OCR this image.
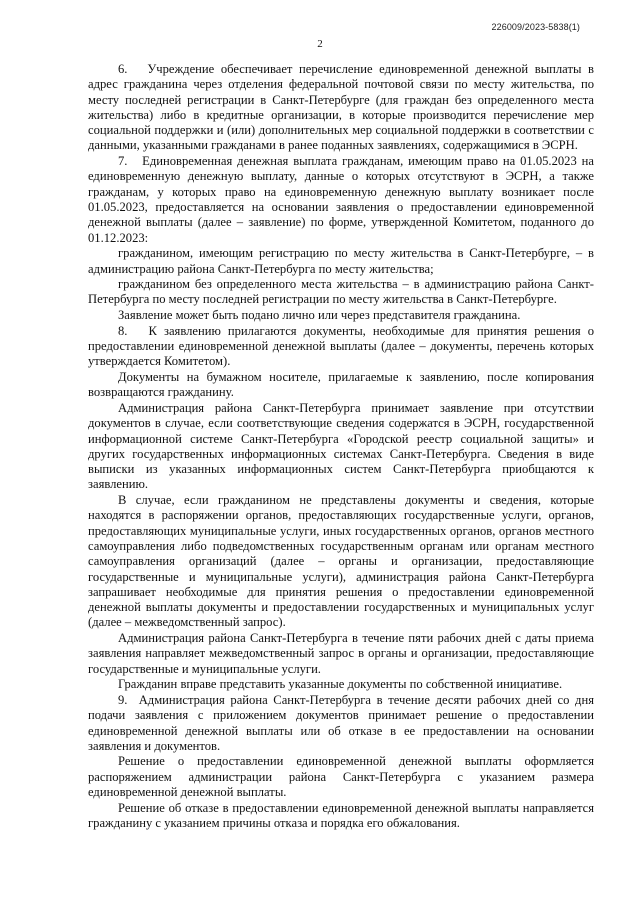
226009/2023-5838(1)
2

6.   Учреждение обеспечивает перечисление единовременной денежной выплаты в адрес гражданина через отделения федеральной почтовой связи по месту жительства, по месту последней регистрации в Санкт-Петербурге (для граждан без определенного места жительства) либо в кредитные организации, в которые производится перечисление мер социальной поддержки и (или) дополнительных мер социальной поддержки в соответствии с данными, указанными гражданами в ранее поданных заявлениях, содержащимися в ЭСРН.

7.   Единовременная денежная выплата гражданам, имеющим право на 01.05.2023 на единовременную денежную выплату, данные о которых отсутствуют в ЭСРН, а также гражданам, у которых право на единовременную денежную выплату возникает после 01.05.2023, предоставляется на основании заявления о предоставлении единовременной денежной выплаты (далее – заявление) по форме, утвержденной Комитетом, поданного до 01.12.2023:

гражданином, имеющим регистрацию по месту жительства в Санкт-Петербурге, – в администрацию района Санкт-Петербурга по месту жительства;

гражданином без определенного места жительства – в администрацию района Санкт-Петербурга по месту последней регистрации по месту жительства в Санкт-Петербурге.

Заявление может быть подано лично или через представителя гражданина.

8.   К заявлению прилагаются документы, необходимые для принятия решения о предоставлении единовременной денежной выплаты (далее – документы, перечень которых утверждается Комитетом).

Документы на бумажном носителе, прилагаемые к заявлению, после копирования возвращаются гражданину.

Администрация района Санкт-Петербурга принимает заявление при отсутствии документов в случае, если соответствующие сведения содержатся в ЭСРН, государственной информационной системе Санкт-Петербурга «Городской реестр социальной защиты» и других государственных информационных системах Санкт-Петербурга. Сведения в виде выписки из указанных информационных систем Санкт-Петербурга приобщаются к заявлению.

В случае, если гражданином не представлены документы и сведения, которые находятся в распоряжении органов, предоставляющих государственные услуги, органов, предоставляющих муниципальные услуги, иных государственных органов, органов местного самоуправления либо подведомственных государственным органам или органам местного самоуправления организаций (далее – органы и организации, предоставляющие государственные и муниципальные услуги), администрация района Санкт-Петербурга запрашивает необходимые для принятия решения о предоставлении единовременной денежной выплаты документы и предоставлении государственных и муниципальных услуг (далее – межведомственный запрос).

Администрация района Санкт-Петербурга в течение пяти рабочих дней с даты приема заявления направляет межведомственный запрос в органы и организации, предоставляющие государственные и муниципальные услуги.

Гражданин вправе представить указанные документы по собственной инициативе.

9.  Администрация района Санкт-Петербурга в течение десяти рабочих дней со дня подачи заявления с приложением документов принимает решение о предоставлении единовременной денежной выплаты или об отказе в ее предоставлении на основании заявления и документов.

Решение о предоставлении единовременной денежной выплаты оформляется распоряжением администрации района Санкт-Петербурга с указанием размера единовременной денежной выплаты.

Решение об отказе в предоставлении единовременной денежной выплаты направляется гражданину с указанием причины отказа и порядка его обжалования.
